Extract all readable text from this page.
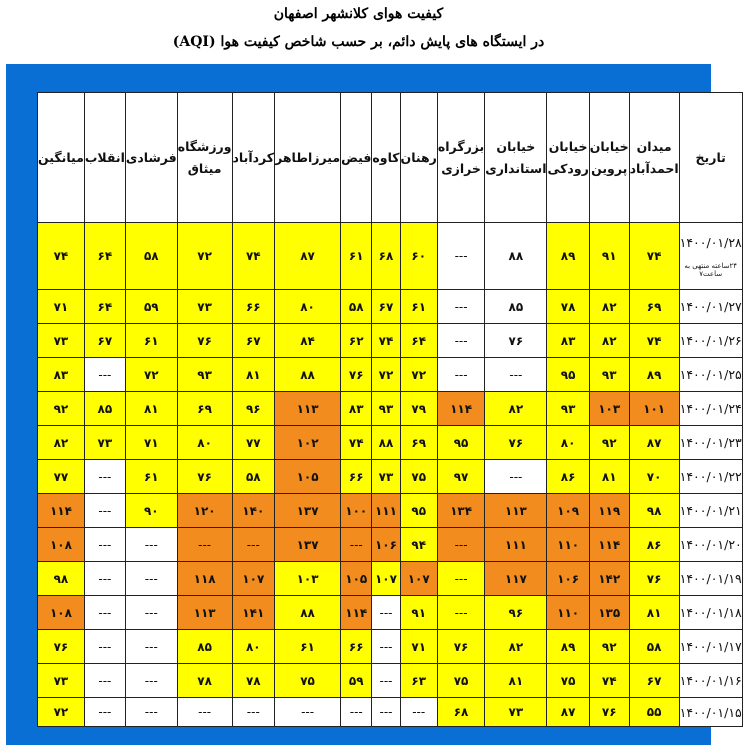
کیفیت هوای کلانشهر اصفهان
در ایستگاه های پایش دائم، بر حسب شاخص کیفیت هوا (AQI)
میانگین	انقلاب	فرشادی	ورزشگاه میثاق	کردآباد	میرزاطاهر	فیض	کاوه	رهنان	بزرگراه خرازی	خیابان استانداری	خیابان رودکی	خیابان پروین	میدان احمدآباد	تاریخ
۷۴	۶۴	۵۸	۷۲	۷۴	۸۷	۶۱	۶۸	۶۰	---	۸۸	۸۹	۹۱	۷۴	۱۴۰۰/۰۱/۲۸
۲۴ساعته منتهی به ساعت۷

۷۱	۶۴	۵۹	۷۳	۶۶	۸۰	۵۸	۶۷	۶۱	---	۸۵	۷۸	۸۲	۶۹	۱۴۰۰/۰۱/۲۷
۷۳	۶۷	۶۱	۷۶	۶۷	۸۴	۶۲	۷۴	۶۴	---	۷۶	۸۳	۸۲	۷۴	۱۴۰۰/۰۱/۲۶
۸۳	---	۷۲	۹۳	۸۱	۸۸	۷۶	۷۲	۷۲	---	---	۹۵	۹۳	۸۹	۱۴۰۰/۰۱/۲۵
۹۲	۸۵	۸۱	۶۹	۹۶	۱۱۳	۸۳	۹۳	۷۹	۱۱۴	۸۲	۹۳	۱۰۳	۱۰۱	۱۴۰۰/۰۱/۲۴
۸۲	۷۳	۷۱	۸۰	۷۷	۱۰۲	۷۴	۸۸	۶۹	۹۵	۷۶	۸۰	۹۲	۸۷	۱۴۰۰/۰۱/۲۳
۷۷	---	۶۱	۷۶	۵۸	۱۰۵	۶۶	۷۳	۷۵	۹۷	---	۸۶	۸۱	۷۰	۱۴۰۰/۰۱/۲۲
۱۱۴	---	۹۰	۱۲۰	۱۴۰	۱۳۷	۱۰۰	۱۱۱	۹۵	۱۳۴	۱۱۳	۱۰۹	۱۱۹	۹۸	۱۴۰۰/۰۱/۲۱
۱۰۸	---	---	---	---	۱۳۷	---	۱۰۶	۹۴	---	۱۱۱	۱۱۰	۱۱۴	۸۶	۱۴۰۰/۰۱/۲۰
۹۸	---	---	۱۱۸	۱۰۷	۱۰۳	۱۰۵	۱۰۷	۱۰۷	---	۱۱۷	۱۰۶	۱۴۲	۷۶	۱۴۰۰/۰۱/۱۹
۱۰۸	---	---	۱۱۳	۱۴۱	۸۸	۱۱۴	---	۹۱	---	۹۶	۱۱۰	۱۳۵	۸۱	۱۴۰۰/۰۱/۱۸
۷۶	---	---	۸۵	۸۰	۶۱	۶۶	---	۷۱	۷۶	۸۲	۸۹	۹۲	۵۸	۱۴۰۰/۰۱/۱۷
۷۳	---	---	۷۸	۷۸	۷۵	۵۹	---	۶۳	۷۵	۸۱	۷۵	۷۴	۶۷	۱۴۰۰/۰۱/۱۶
۷۲	---	---	---	---	---	---	---	---	۶۸	۷۳	۸۷	۷۶	۵۵	۱۴۰۰/۰۱/۱۵
